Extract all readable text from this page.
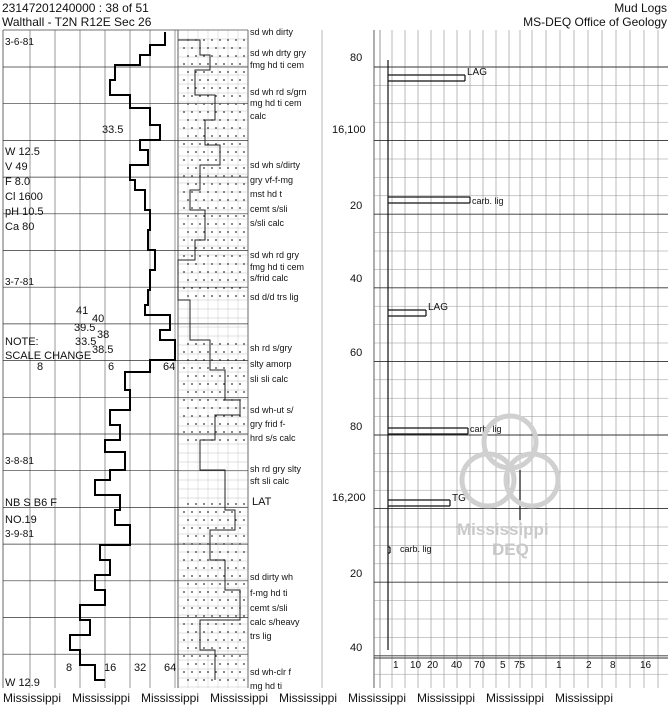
23147201240000 : 38 of 51
Walthall - T2N R12E Sec 26
Mud Logs
MS-DEQ Office of Geology
3-6-81
33.5
W 12.5
V 49
F 8.0
Cl 1600
pH 10.5
Ca 80
3-7-81
41
40
39.5
38
NOTE:	33.5
38.5
SCALE CHANGE
8	6	64
3-8-81
NB S B6 F
NO.19
3-9-81
8	16 32 64
W 12.9
sd wh dirty
sd wh drty gry
fmg hd ti cem
sd wh rd s/grn
mg hd ti cem
calc
sd wh s/dirty
gry vf-f-mg
mst hd t
cemt s/sli
s/sli calc
sd wh rd gry
fmg hd ti cem
s/frid calc
sd d/d trs lig
sh rd s/gry
slty amorp
sli sli calc
sd wh-ut s/
gry frid f-
hrd s/s calc
sh rd gry slty
sft sli calc
LAT
sd dirty wh
f-mg hd ti
cemt s/sli
calc s/heavy
trs lig
sd wh-clr f
mg hd ti
16,100
16,200
80
20
40
60
80
20
40
LAG
carb. lig
LAG
carb. lig
TG
carb. lig
1 10 20 40 70 5 75	1 2 8 16
Mississippi
DEQ
Mississippi Mississippi Mississippi Mississippi Mississippi Mississippi Mississippi Mississippi Mississippi
